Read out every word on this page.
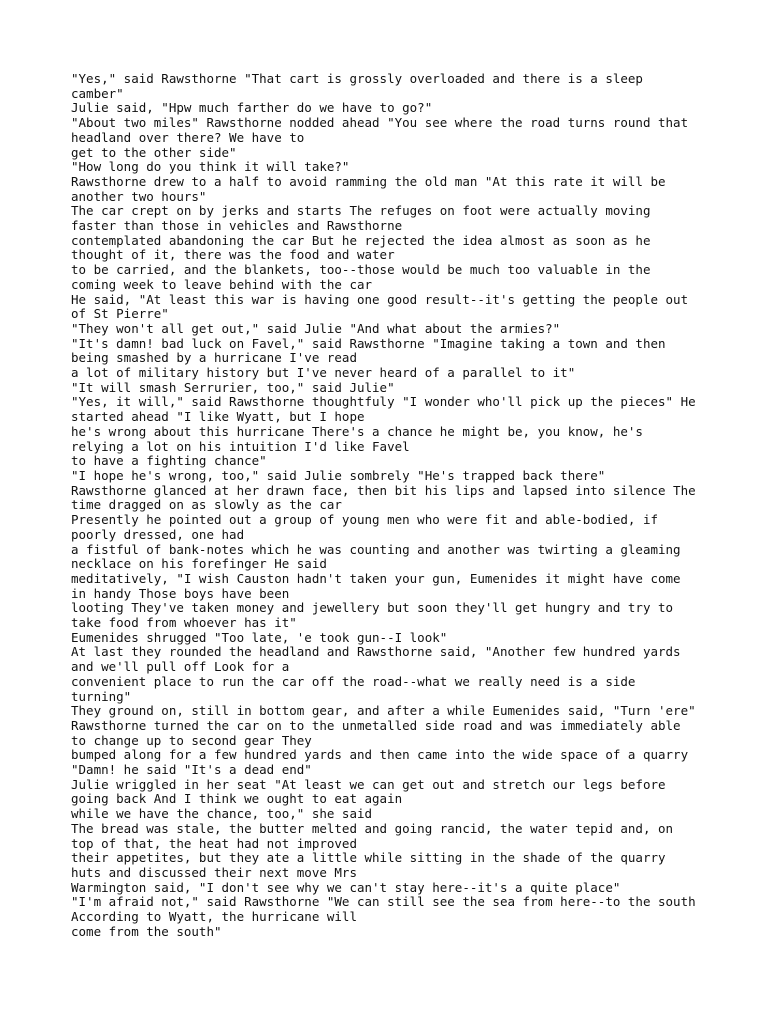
"Yes," said Rawsthorne "That cart is grossly overloaded and there is a sleep
camber"
Julie said, "Hpw much farther do we have to go?"
"About two miles" Rawsthorne nodded ahead "You see where the road turns round that
headland over there? We have to
get to the other side"
"How long do you think it will take?"
Rawsthorne drew to a half to avoid ramming the old man "At this rate it will be
another two hours"
The car crept on by jerks and starts The refuges on foot were actually moving
faster than those in vehicles and Rawsthorne
contemplated abandoning the car But he rejected the idea almost as soon as he
thought of it, there was the food and water
to be carried, and the blankets, too--those would be much too valuable in the
coming week to leave behind with the car
He said, "At least this war is having one good result--it's getting the people out
of St Pierre"
"They won't all get out," said Julie "And what about the armies?"
"It's damn! bad luck on Favel," said Rawsthorne "Imagine taking a town and then
being smashed by a hurricane I've read
a lot of military history but I've never heard of a parallel to it"
"It will smash Serrurier, too," said Julie"
"Yes, it will," said Rawsthorne thoughtfuly "I wonder who'll pick up the pieces" He
started ahead "I like Wyatt, but I hope
he's wrong about this hurricane There's a chance he might be, you know, he's
relying a lot on his intuition I'd like Favel
to have a fighting chance"
"I hope he's wrong, too," said Julie sombrely "He's trapped back there"
Rawsthorne glanced at her drawn face, then bit his lips and lapsed into silence The
time dragged on as slowly as the car
Presently he pointed out a group of young men who were fit and able-bodied, if
poorly dressed, one had
a fistful of bank-notes which he was counting and another was twirting a gleaming
necklace on his forefinger He said
meditatively, "I wish Causton hadn't taken your gun, Eumenides it might have come
in handy Those boys have been
looting They've taken money and jewellery but soon they'll get hungry and try to
take food from whoever has it"
Eumenides shrugged "Too late, 'e took gun--I look"
At last they rounded the headland and Rawsthorne said, "Another few hundred yards
and we'll pull off Look for a
convenient place to run the car off the road--what we really need is a side
turning"
They ground on, still in bottom gear, and after a while Eumenides said, "Turn 'ere"
Rawsthorne turned the car on to the unmetalled side road and was immediately able
to change up to second gear They
bumped along for a few hundred yards and then came into the wide space of a quarry
"Damn! he said "It's a dead end"
Julie wriggled in her seat "At least we can get out and stretch our legs before
going back And I think we ought to eat again
while we have the chance, too," she said
The bread was stale, the butter melted and going rancid, the water tepid and, on
top of that, the heat had not improved
their appetites, but they ate a little while sitting in the shade of the quarry
huts and discussed their next move Mrs
Warmington said, "I don't see why we can't stay here--it's a quite place"
"I'm afraid not," said Rawsthorne "We can still see the sea from here--to the south
According to Wyatt, the hurricane will
come from the south"
